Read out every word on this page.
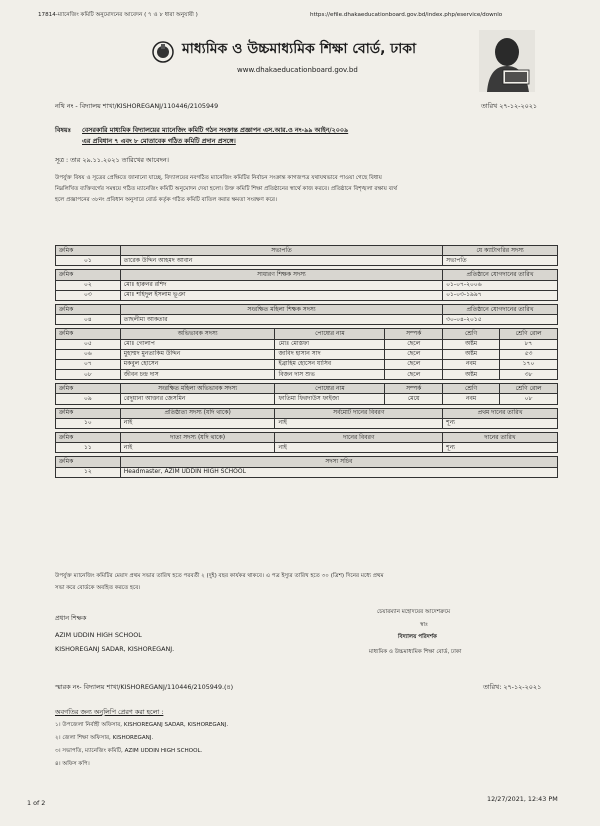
17814-ম্যানেজিং কমিটি অনুমোদনের আবেদন ( ৭ ও ৮ ধারা অনুযায়ী )	https://efile.dhakaeducationboard.gov.bd/index.php/eservice/downlo
মাধ্যমিক ও উচ্চমাধ্যমিক শিক্ষা বোর্ড, ঢাকা
www.dhakaeducationboard.gov.bd
নথি নং - বিদ্যালয় শাখা/KISHOREGANJ/110446/2105949	তারিখ ২৭-১২-২০২১
বিষয়ঃ বেসরকারি মাধ্যমিক বিদ্যালয়ের ম্যানেজিং কমিটি গঠন সংক্রান্ত প্রজ্ঞাপন এস.আর.ও নং-৯৯ আইন/২০০৯
এর প্রবিধান ৭ এবং ৮ মোতাবেক গঠিত কমিটি প্রদান প্রসঙ্গে।
সূত্র : তার ২৯.১১.২০২১ তারিখের আবেদন।
উপর্যুক্ত বিষয় ও সূত্রের প্রেক্ষিতে জানানো যাচ্ছে, বিদ্যালয়ের নবগঠিত ম্যানেজিং কমিটির নির্বাচন সংক্রান্ত কাগজপত্র যথাযথভাবে পাওয়া গেছে বিধায়
নিম্নলিখিত ব্যক্তিবর্গের সমন্বয়ে গঠিত ম্যানেজিং কমিটি অনুমোদন দেয়া হলো। উক্ত কমিটি শিক্ষা প্রতিষ্ঠানের স্বার্থে কাজ করবে। প্রতিষ্ঠানে বিশৃঙ্খলা রক্ষায় ব্যর্থ
হলে প্রজ্ঞাপনের ৩৮নং প্রবিধান অনুসারে বোর্ড কর্তৃক গঠিত কমিটি বাতিল করার ক্ষমতা সংরক্ষণ করে।
ক্রমিক	সভাপতি			যে ক্যাটাগরির সদস্য	
০১	তারেক উদ্দিন আহমদ আবান			সভাপতি	

ক্রমিক	সাধারণ শিক্ষক সদস্য			প্রতিষ্ঠানে যোগদানের তারিখ	
০২	মোঃ হারুনর রশিদ			০১-০৭-২০০৬	
০৩	মোঃ শহিদুল ইসলাম ভূঞা			০১-০৩-১৯৯৭	

ক্রমিক	সংরক্ষিত মহিলা শিক্ষক সদস্য			প্রতিষ্ঠানে যোগদানের তারিখ	
০৪	তাছলীমা আকতার			৩০-০৪-২০১৫	

ক্রমিক	অভিভাবক সদস্য	পোষ্যের নাম	সম্পর্ক	শ্রেণি	শ্রেণি রোল
০৫	মোঃ গোলাপ	মোঃ মোস্তফা	ছেলে	অষ্টম	৮৭
০৬	মুহাম্মদ মুনতাকিম উদ্দিন	জাবিদ হাসান সাদ	ছেলে	অষ্টম	৫৩
০৭	মকবুল হোসেন	ইব্রাহিম হোসেন যাসিব	ছেলে	নবম	১৭০
০৮	জীবন চন্দ্র দাস	বিজন দাস শুভ	ছেলে	অষ্টম	৩৮

ক্রমিক	সংরক্ষিত মহিলা অভিভাবক সদস্য	পোষ্যের নাম	সম্পর্ক	শ্রেণি	শ্রেণি রোল
০৯	রেদুয়ানা আক্তার জেসমিন	ফাতিমা ফিরদাউস ফাইজা	মেয়ে	নবম	০৮

ক্রমিক	প্রতিষ্ঠাতা সদস্য (যদি থাকে)	সর্বমোট দানের বিবরণ		প্রথম দানের তারিখ	
১০	নাই	নাই		শূন্য	

ক্রমিক	দাতা সদস্য (যদি থাকে)	দানের বিবরণ		দানের তারিখ	
১১	নাই	নাই		শূন্য	

ক্রমিক	সদস্য সচিব				
১২	Headmaster, AZIM UDDIN HIGH SCHOOL				
উপর্যুক্ত ম্যানেজিং কমিটির মেয়াদ প্রথম সভার তারিখ হতে পরবর্তী ২ (দুই) বছর কার্যকর থাকবে। এ পত্র ইস্যুর তারিখ হতে ৩০ (ত্রিশ) দিনের মধ্যে প্রথম
সভা করে বোর্ডকে অবহিত করতে হবে।
চেয়ারম্যান মহোদয়ের আদেশক্রমে
স্বাঃ
বিদ্যালয় পরিদর্শক
মাধ্যমিক ও উচ্চমাধ্যমিক শিক্ষা বোর্ড, ঢাকা
প্রধান শিক্ষক
AZIM UDDIN HIGH SCHOOL
KISHOREGANJ SADAR, KISHOREGANJ.
স্মারক নং- বিদ্যালয় শাখা/KISHOREGANJ/110446/2105949.(৪)	তারিখ: ২৭-১২-২০২১
অবগতির জন্য অনুলিপি প্রেরণ করা হলো :
১। উপজেলা নির্বাহী অফিসার, KISHOREGANJ SADAR, KISHOREGANJ.
২। জেলা শিক্ষা অফিসার, KISHOREGANJ.
৩। সভাপতি, ম্যানেজিং কমিটি, AZIM UDDIN HIGH SCHOOL.
৪। অফিস কপি।
1 of 2	12/27/2021, 12:43 PM
